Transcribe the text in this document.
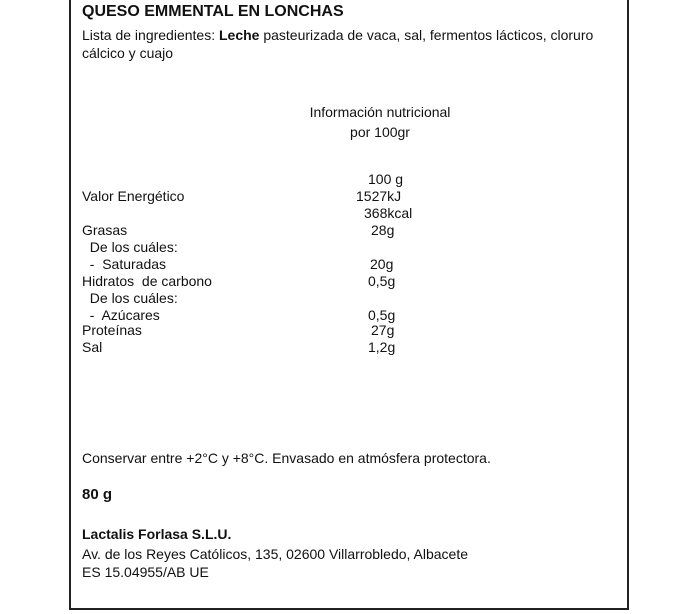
QUESO EMMENTAL EN LONCHAS
Lista de ingredientes: Leche pasteurizada de vaca, sal, fermentos lácticos, cloruro cálcico y cuajo
Información nutricional
por 100gr
100 g
Valor Energético	1527kJ
368kcal
Grasas	28g
De los cuáles:
-  Saturadas	20g
Hidratos  de carbono	0,5g
De los cuáles:
-  Azúcares	0,5g
Proteínas	27g
Sal	1,2g
Conservar entre +2°C y +8°C. Envasado en atmósfera protectora.
80 g
Lactalis Forlasa S.L.U.
Av. de los Reyes Católicos, 135, 02600 Villarrobledo, Albacete
ES 15.04955/AB UE
